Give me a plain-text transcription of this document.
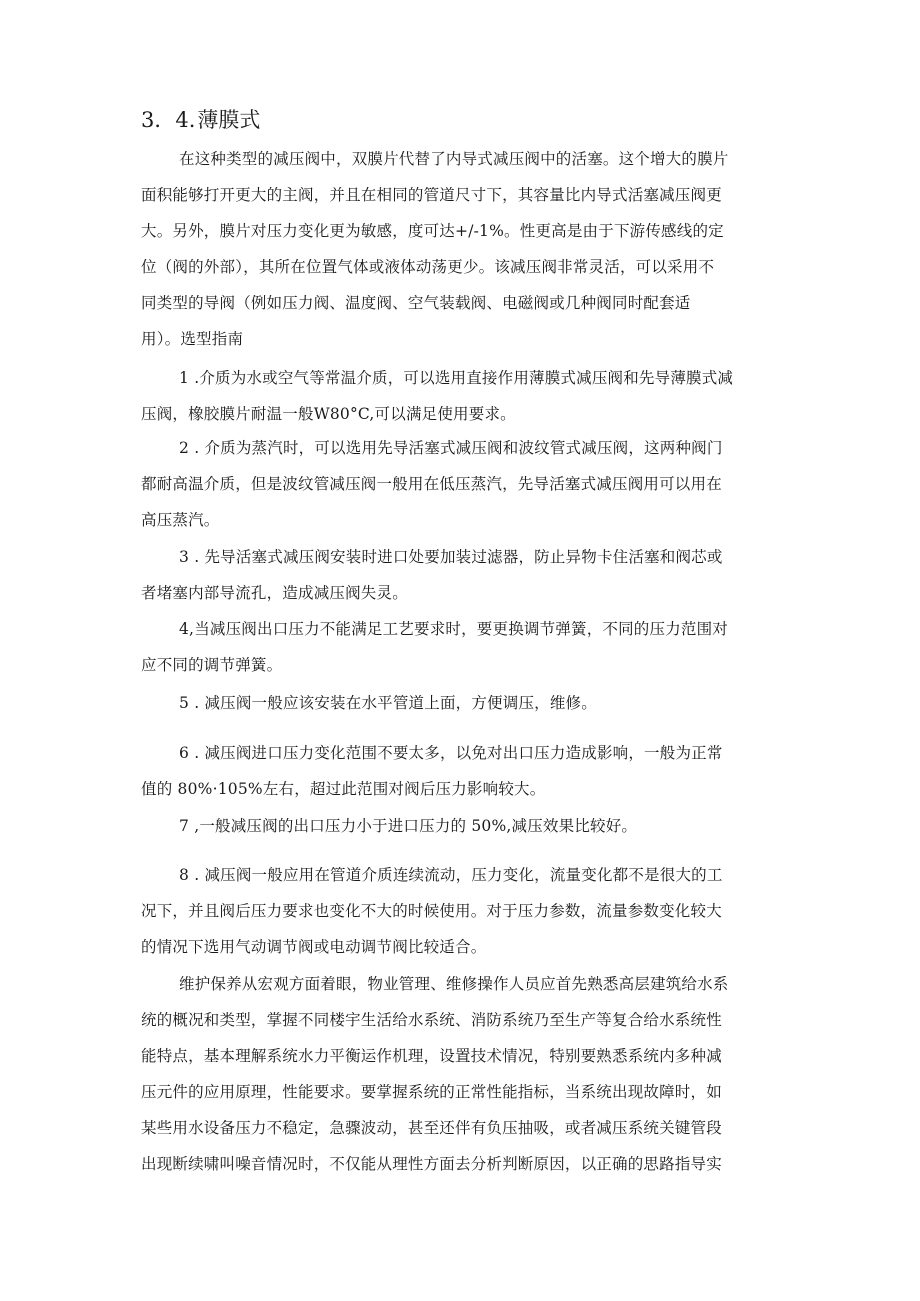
3．4.薄膜式
在这种类型的减压阀中，双膜片代替了内导式减压阀中的活塞。这个增大的膜片
面积能够打开更大的主阀，并且在相同的管道尺寸下，其容量比内导式活塞减压阀更
大。另外，膜片对压力变化更为敏感，度可达+/-1%。性更高是由于下游传感线的定
位（阀的外部），其所在位置气体或液体动荡更少。该减压阀非常灵活，可以采用不
同类型的导阀（例如压力阀、温度阀、空气装载阀、电磁阀或几种阀同时配套适
用）。选型指南
1 .介质为水或空气等常温介质，可以选用直接作用薄膜式减压阀和先导薄膜式减
压阀，橡胶膜片耐温一般W80°C,可以满足使用要求。
2 . 介质为蒸汽时，可以选用先导活塞式减压阀和波纹管式减压阀，这两种阀门
都耐高温介质，但是波纹管减压阀一般用在低压蒸汽，先导活塞式减压阀用可以用在
高压蒸汽。
3 . 先导活塞式减压阀安装时进口处要加装过滤器，防止异物卡住活塞和阀芯或
者堵塞内部导流孔，造成减压阀失灵。
4,当减压阀出口压力不能满足工艺要求时，要更换调节弹簧，不同的压力范围对
应不同的调节弹簧。
5 . 减压阀一般应该安装在水平管道上面，方便调压，维修。
6 . 减压阀进口压力变化范围不要太多，以免对出口压力造成影响，一般为正常
值的 80%·105%左右，超过此范围对阀后压力影响较大。
7 ,一般减压阀的出口压力小于进口压力的 50%,减压效果比较好。
8 . 减压阀一般应用在管道介质连续流动，压力变化，流量变化都不是很大的工
况下，并且阀后压力要求也变化不大的时候使用。对于压力参数，流量参数变化较大
的情况下选用气动调节阀或电动调节阀比较适合。
维护保养从宏观方面着眼，物业管理、维修操作人员应首先熟悉高层建筑给水系
统的概况和类型，掌握不同楼宇生活给水系统、消防系统乃至生产等复合给水系统性
能特点，基本理解系统水力平衡运作机理，设置技术情况，特别要熟悉系统内多种减
压元件的应用原理，性能要求。要掌握系统的正常性能指标，当系统出现故障时，如
某些用水设备压力不稳定，急骤波动，甚至还伴有负压抽吸，或者减压系统关键管段
出现断续啸叫噪音情况时，不仅能从理性方面去分析判断原因，以正确的思路指导实
